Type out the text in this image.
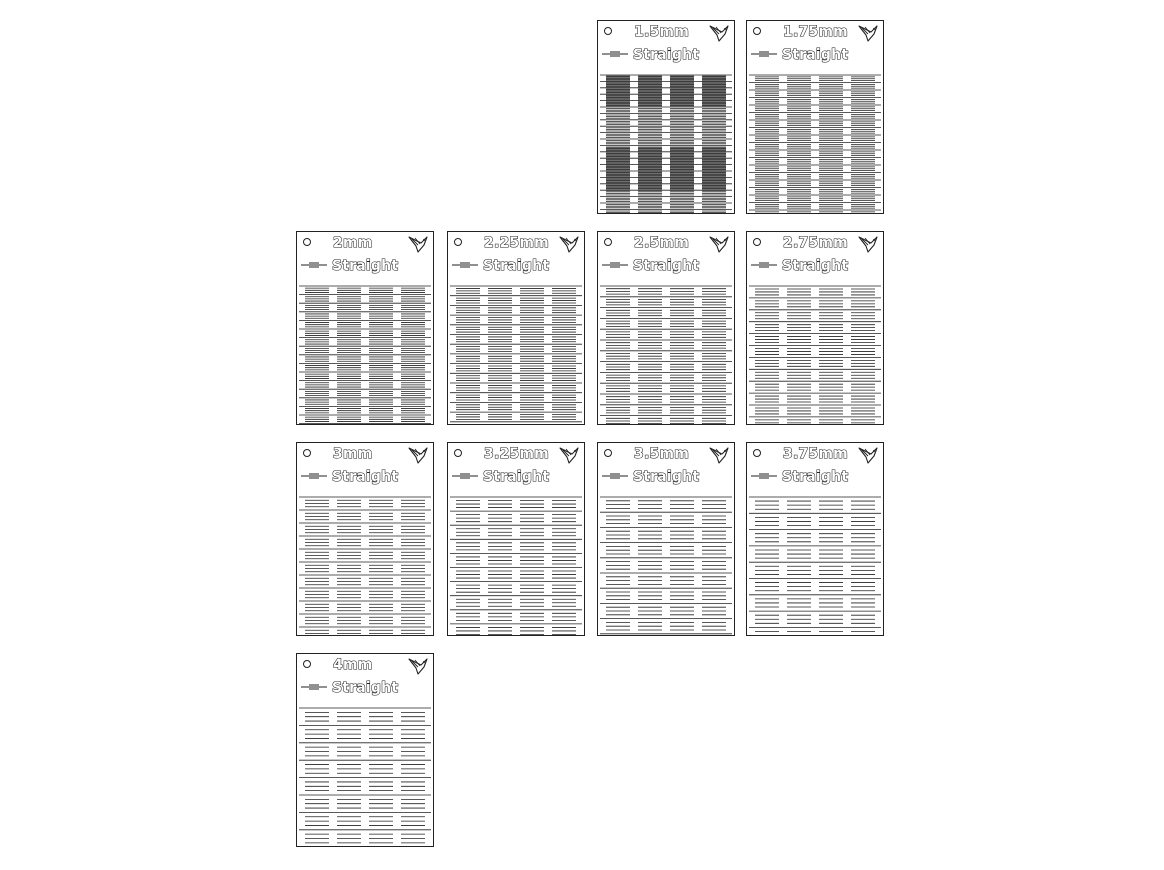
1.5mm
Straight
1.75mm
Straight
2mm
Straight
2.25mm
Straight
2.5mm
Straight
2.75mm
Straight
3mm
Straight
3.25mm
Straight
3.5mm
Straight
3.75mm
Straight
4mm
Straight
